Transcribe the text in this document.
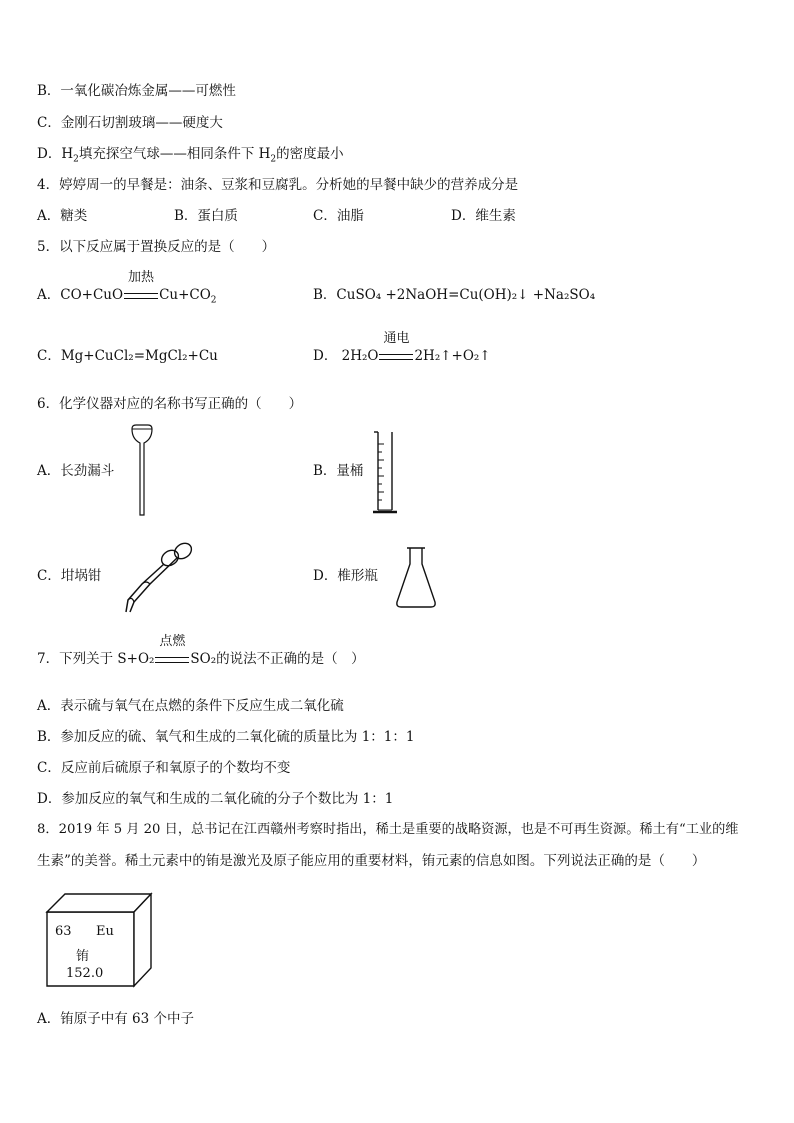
B．一氧化碳冶炼金属——可燃性
C．金刚石切割玻璃——硬度大
D．$H_2$填充探空气球——相同条件下 $H_2$的密度最小
4．婷婷周一的早餐是：油条、豆浆和豆腐乳。分析她的早餐中缺少的营养成分是
A．糖类	B．蛋白质	C．油脂	D．维生素
5．以下反应属于置换反应的是（　　）
A．CO+CuO
加热
$Cu+CO_2$	B．CuSO₄ +2NaOH=Cu(OH)₂↓ +Na₂SO₄
C．Mg+CuCl₂=MgCl₂+Cu	D． 2H₂O
通电
2H₂↑+O₂↑
6．化学仪器对应的名称书写正确的（　　）
A．长劲漏斗	B．量桶
C．坩埚钳	D．椎形瓶
7．下列关于 S+O₂
点燃
SO₂的说法不正确的是（　）
A．表示硫与氧气在点燃的条件下反应生成二氧化硫
B．参加反应的硫、氧气和生成的二氧化硫的质量比为 1：1：1
C．反应前后硫原子和氧原子的个数均不变
D．参加反应的氧气和生成的二氧化硫的分子个数比为 1：1
8．2019 年 5 月 20 日，总书记在江西赣州考察时指出，稀土是重要的战略资源，也是不可再生资源。稀土有“工业的维
生素”的美誉。稀土元素中的铕是激光及原子能应用的重要材料，铕元素的信息如图。下列说法正确的是（　　）
63 Eu
铕
152.0
A．铕原子中有 63 个中子
